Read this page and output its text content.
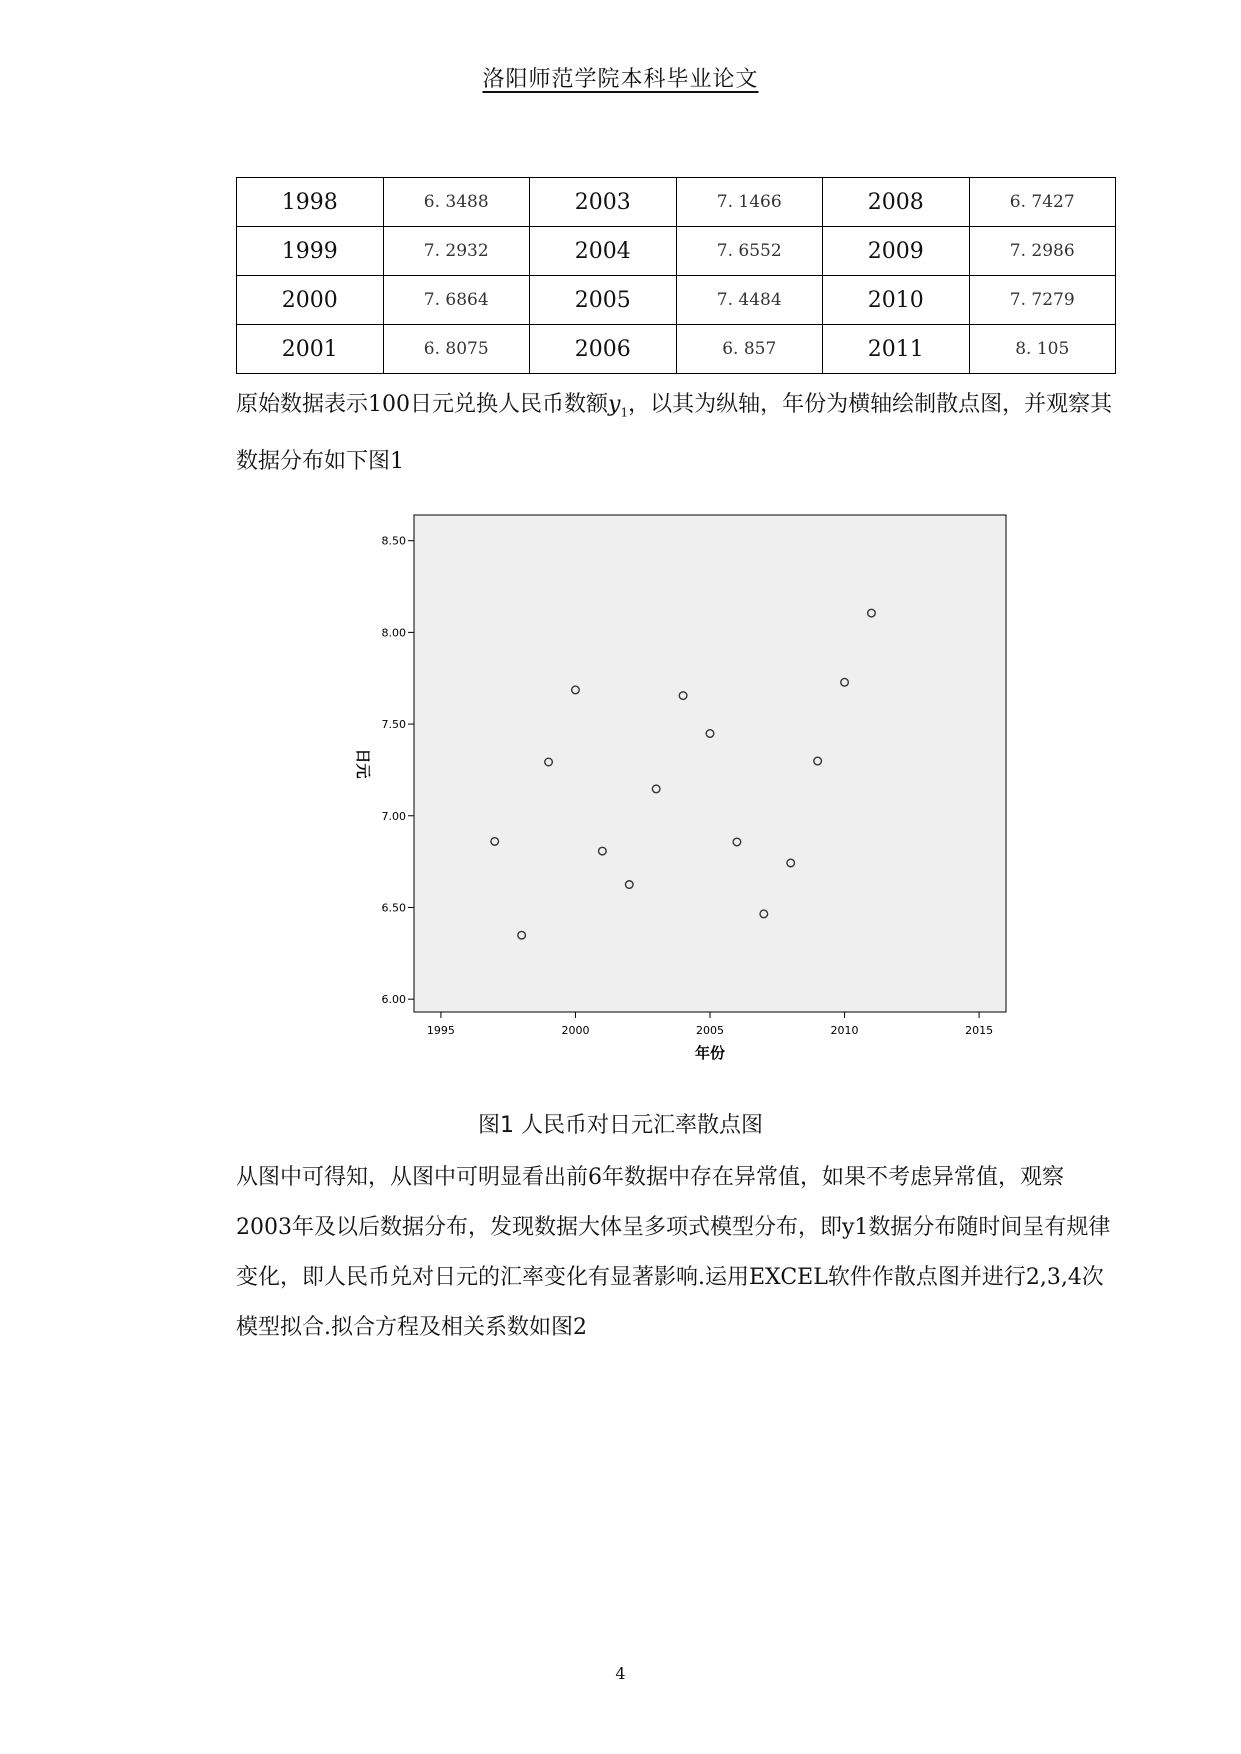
洛阳师范学院本科毕业论文
1998	6. 3488	2003	7. 1466	2008	6. 7427
1999	7. 2932	2004	7. 6552	2009	7. 2986
2000	7. 6864	2005	7. 4484	2010	7. 7279
2001	6. 8075	2006	6. 857	2011	8. 105

原始数据表示100日元兑换人民币数额$y_1$，以其为纵轴，年份为横轴绘制散点图，并观察其数据分布如下图1

6.00
6.50
7.00
7.50
8.00
8.50
1995	2000	2005	2010	2015
日元
年份
图1 人民币对日元汇率散点图

从图中可得知，从图中可明显看出前6年数据中存在异常值，如果不考虑异常值，观察2003年及以后数据分布，发现数据大体呈多项式模型分布，即y1数据分布随时间呈有规律变化，即人民币兑对日元的汇率变化有显著影响.运用EXCEL软件作散点图并进行2,3,4次模型拟合.拟合方程及相关系数如图2

4
